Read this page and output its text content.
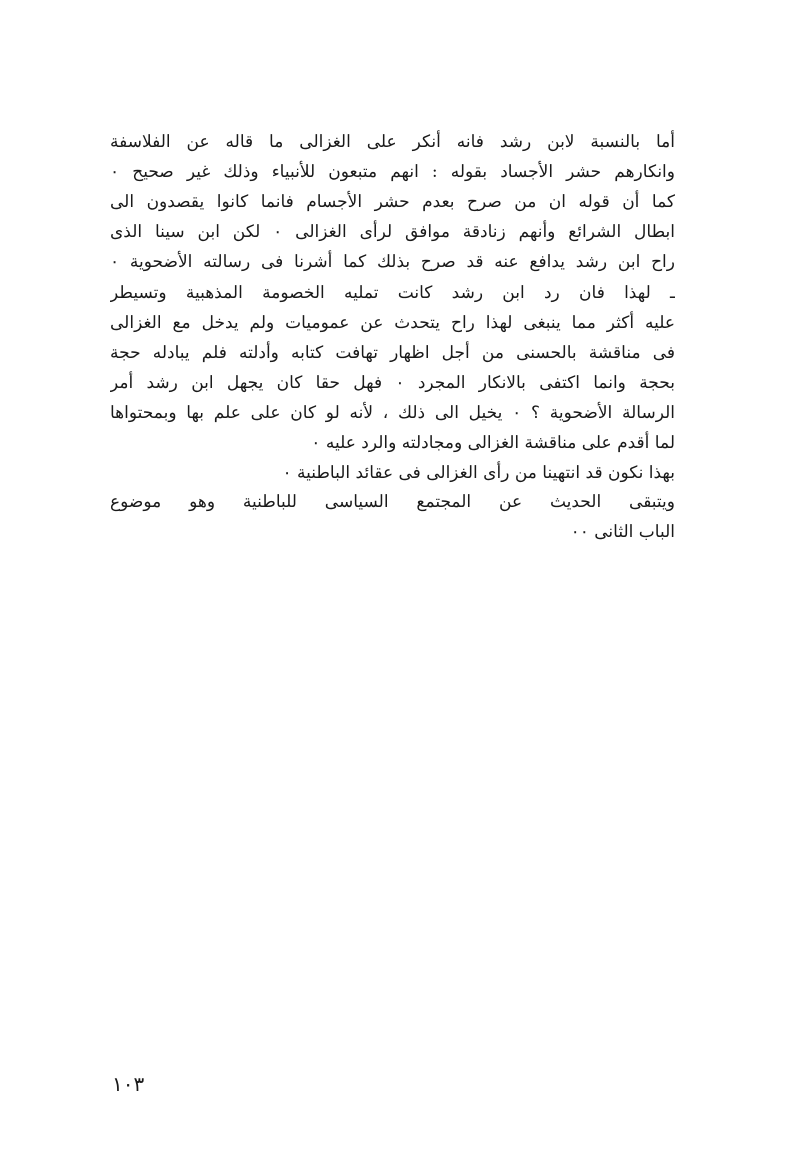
أما بالنسبة لابن رشد فانه أنكر على الغزالى ما قاله عن الفلاسفة
وانكارهم حشر الأجساد بقوله : انهم متبعون للأنبياء وذلك غير صحيح ٠
كما أن قوله ان من صرح بعدم حشر الأجسام فانما كانوا يقصدون الى
ابطال الشرائع وأنهم زنادقة موافق لرأى الغزالى ٠ لكن ابن سينا الذى
راح ابن رشد يدافع عنه قد صرح بذلك كما أشرنا فى رسالته الأضحوية ٠
ـ لهذا فان رد ابن رشد كانت تمليه الخصومة المذهبية وتسيطر
عليه أكثر مما ينبغى لهذا راح يتحدث عن عموميات ولم يدخل مع الغزالى
فى مناقشة بالحسنى من أجل اظهار تهافت كتابه وأدلته فلم يبادله حجة
بحجة وانما اكتفى بالانكار المجرد ٠ فهل حقا كان يجهل ابن رشد أمر
الرسالة الأضحوية ؟ ٠ يخيل الى ذلك ، لأنه لو كان على علم بها وبمحتواها
لما أقدم على مناقشة الغزالى ومجادلته والرد عليه ٠
بهذا نكون قد انتهينا من رأى الغزالى فى عقائد الباطنية ٠
ويتبقى الحديث عن المجتمع السياسى للباطنية وهو موضوع
الباب الثانى ٠٠
١٠٣
